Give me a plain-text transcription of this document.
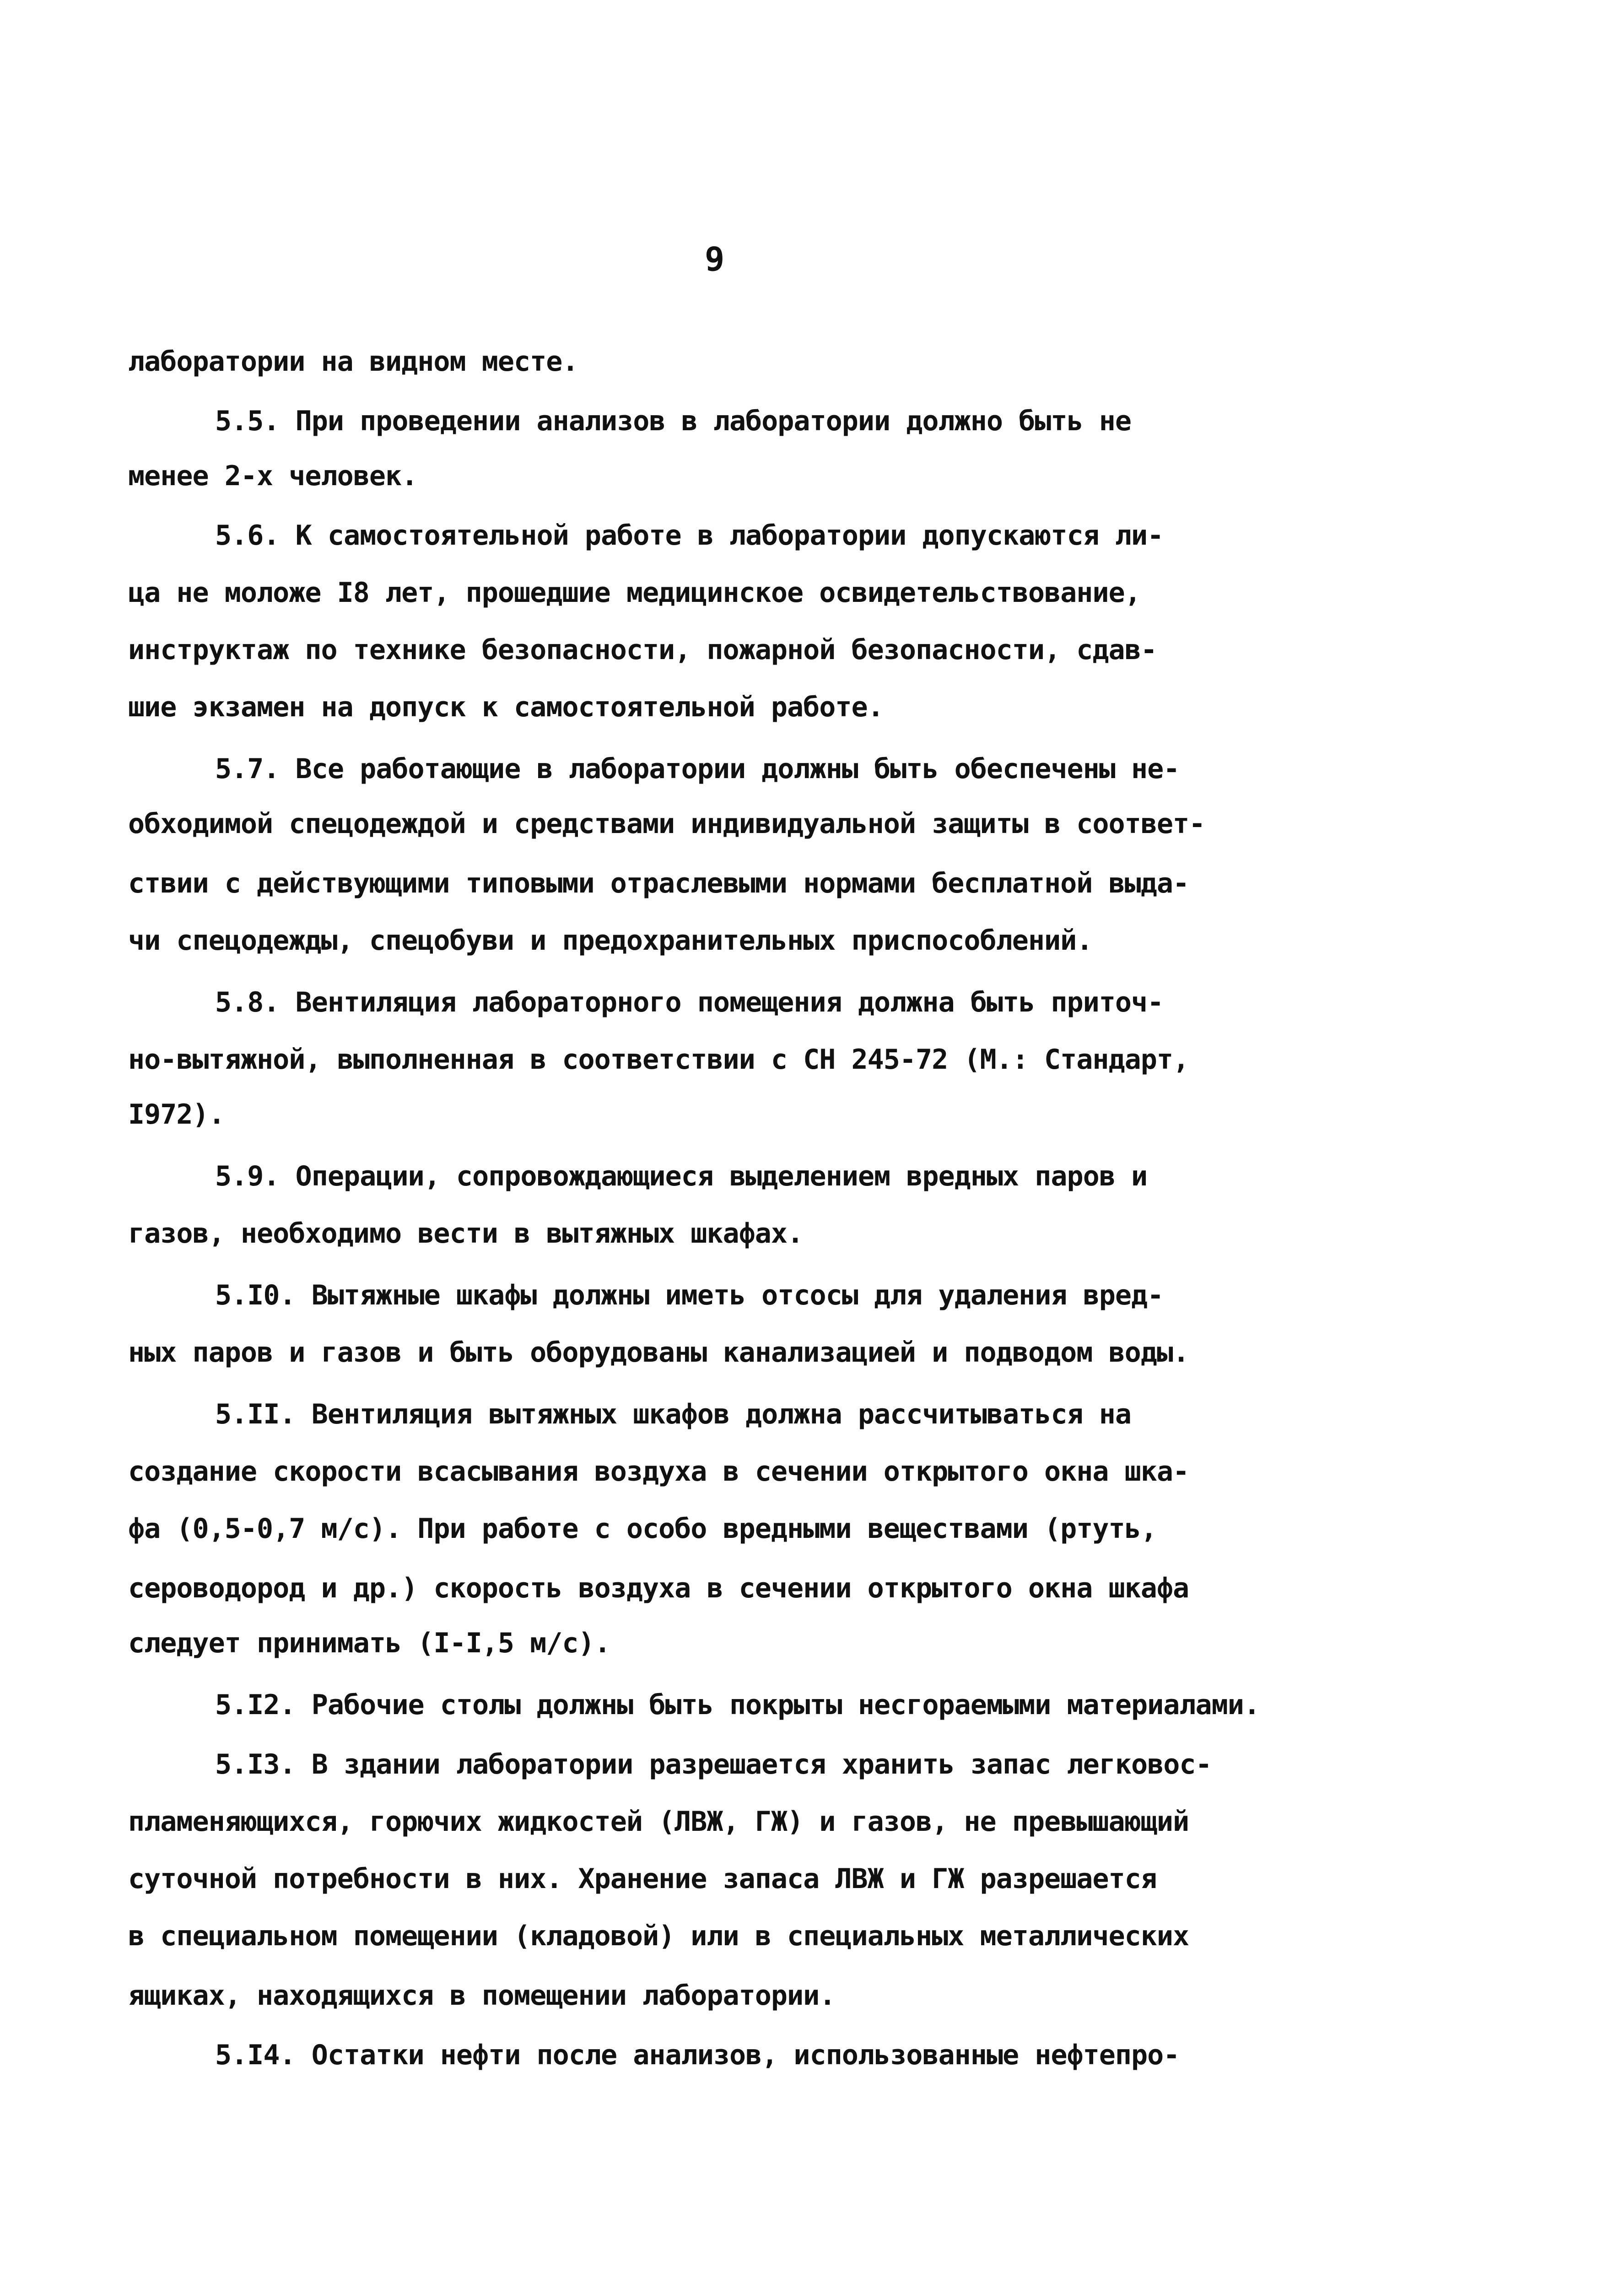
9
лаборатории на видном месте.
5.5. При проведении анализов в лаборатории должно быть не
менее 2-х человек.
5.6. К самостоятельной работе в лаборатории допускаются ли-
ца не моложе I8 лет, прошедшие медицинское освидетельствование,
инструктаж по технике безопасности, пожарной безопасности, сдав-
шие экзамен на допуск к самостоятельной работе.
5.7. Все работающие в лаборатории должны быть обеспечены не-
обходимой спецодеждой и средствами индивидуальной защиты в соответ-
ствии с действующими типовыми отраслевыми нормами бесплатной выда-
чи спецодежды, спецобуви и предохранительных приспособлений.
5.8. Вентиляция лабораторного помещения должна быть приточ-
но-вытяжной, выполненная в соответствии с СН 245-72 (М.: Стандарт,
I972).
5.9. Операции, сопровождающиеся выделением вредных паров и
газов, необходимо вести в вытяжных шкафах.
5.I0. Вытяжные шкафы должны иметь отсосы для удаления вред-
ных паров и газов и быть оборудованы канализацией и подводом воды.
5.II. Вентиляция вытяжных шкафов должна рассчитываться на
создание скорости всасывания воздуха в сечении открытого окна шка-
фа (0,5-0,7 м/с). При работе с особо вредными веществами (ртуть,
сероводород и др.) скорость воздуха в сечении открытого окна шкафа
следует принимать (I-I,5 м/с).
5.I2. Рабочие столы должны быть покрыты несгораемыми материалами.
5.I3. В здании лаборатории разрешается хранить запас легковос-
пламеняющихся, горючих жидкостей (ЛВЖ, ГЖ) и газов, не превышающий
суточной потребности в них. Хранение запаса ЛВЖ и ГЖ разрешается
в специальном помещении (кладовой) или в специальных металлических
ящиках, находящихся в помещении лаборатории.
5.I4. Остатки нефти после анализов, использованные нефтепро-
